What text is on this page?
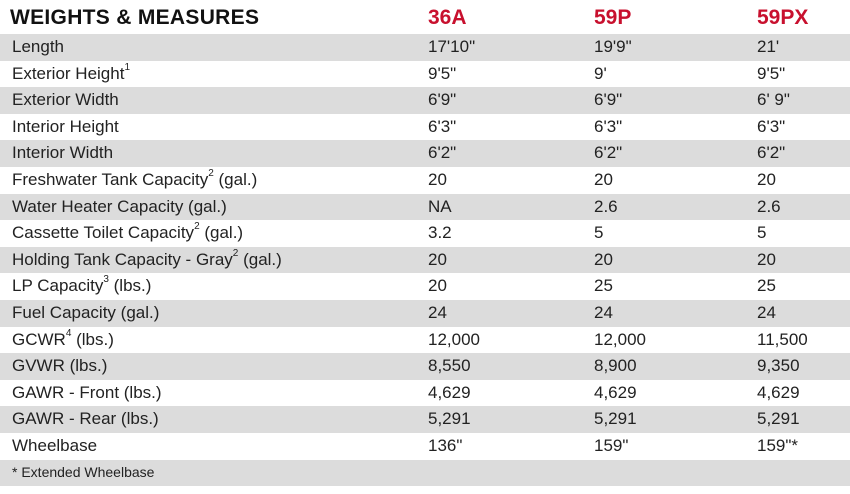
WEIGHTS & MEASURES	36A	59P	59PX
Length	17'10"	19'9"	21'
Exterior Height$^1$	9'5"	9'	9'5"
Exterior Width	6'9"	6'9"	6' 9"
Interior Height	6'3"	6'3"	6'3"
Interior Width	6'2"	6'2"	6'2"
Freshwater Tank Capacity$^2$ (gal.)	20	20	20
Water Heater Capacity (gal.)	NA	2.6	2.6
Cassette Toilet Capacity$^2$ (gal.)	3.2	5	5
Holding Tank Capacity - Gray$^2$ (gal.)	20	20	20
LP Capacity$^3$ (lbs.)	20	25	25
Fuel Capacity (gal.)	24	24	24
GCWR$^4$ (lbs.)	12,000	12,000	11,500
GVWR (lbs.)	8,550	8,900	9,350
GAWR - Front (lbs.)	4,629	4,629	4,629
GAWR - Rear (lbs.)	5,291	5,291	5,291
Wheelbase	136"	159"	159"*
* Extended Wheelbase
